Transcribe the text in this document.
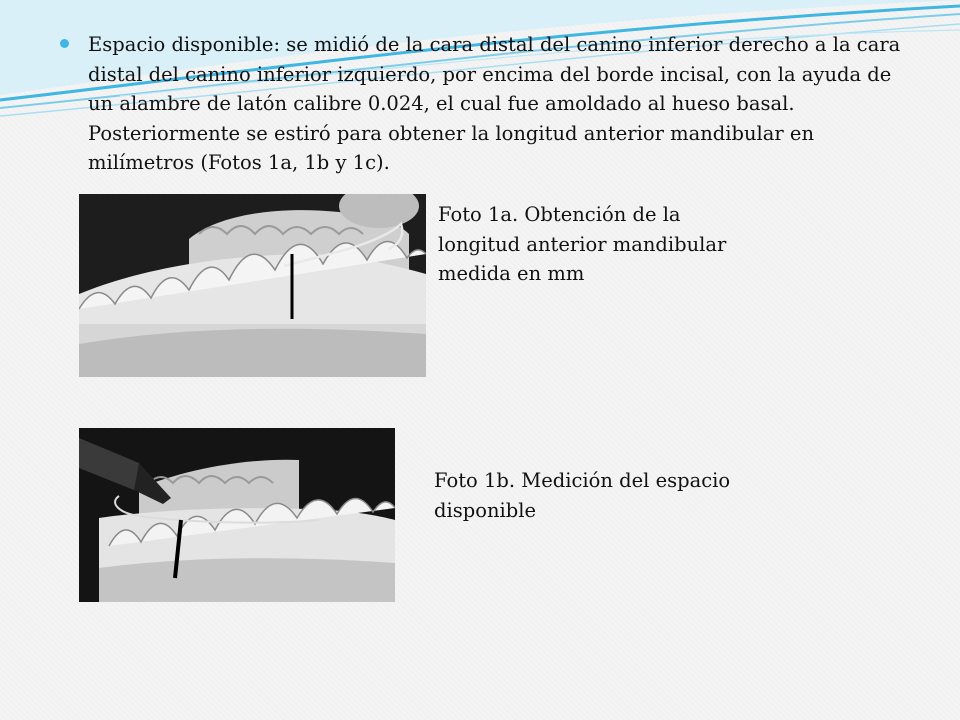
Espacio disponible: se midió de la cara distal del canino inferior derecho a la cara distal del canino inferior izquierdo, por encima del borde incisal, con la ayuda de un alambre de latón calibre 0.024, el cual fue amoldado al hueso basal. Posteriormente se estiró para obtener la longitud anterior mandibular en milímetros (Fotos 1a, 1b y 1c).
Foto 1a. Obtención de la longitud anterior mandibular medida en mm
Foto 1b. Medición del espacio disponible
